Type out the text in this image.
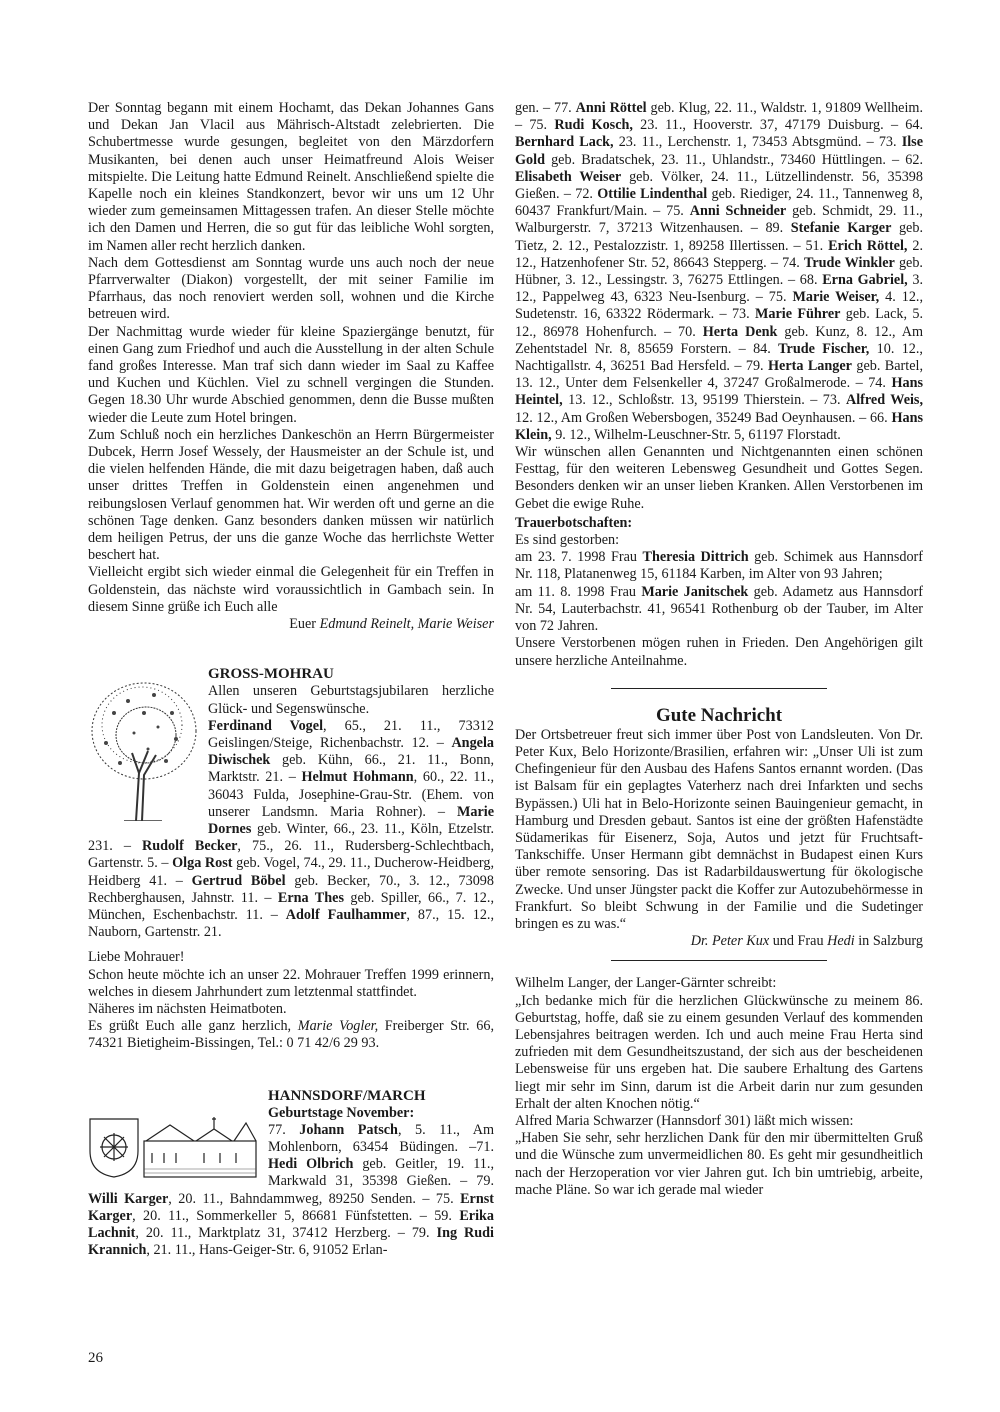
Der Sonntag begann mit einem Hochamt, das Dekan Johannes Gans und Dekan Jan Vlacil aus Mährisch-Altstadt zelebrierten. Die Schubertmesse wurde gesungen, begleitet von den Märzdorfern Musikanten, bei denen auch unser Heimatfreund Alois Weiser mitspielte. Die Leitung hatte Edmund Reinelt. Anschließend spielte die Kapelle noch ein kleines Standkonzert, bevor wir uns um 12 Uhr wieder zum gemeinsamen Mittagessen trafen. An dieser Stelle möchte ich den Damen und Herren, die so gut für das leibliche Wohl sorgten, im Namen aller recht herzlich danken.

Nach dem Gottesdienst am Sonntag wurde uns auch noch der neue Pfarrverwalter (Diakon) vorgestellt, der mit seiner Familie im Pfarrhaus, das noch renoviert werden soll, wohnen und die Kirche betreuen wird.

Der Nachmittag wurde wieder für kleine Spaziergänge benutzt, für einen Gang zum Friedhof und auch die Ausstellung in der alten Schule fand großes Interesse. Man traf sich dann wieder im Saal zu Kaffee und Kuchen und Küchlen. Viel zu schnell vergingen die Stunden. Gegen 18.30 Uhr wurde Abschied genommen, denn die Busse mußten wieder die Leute zum Hotel bringen.

Zum Schluß noch ein herzliches Dankeschön an Herrn Bürgermeister Dubcek, Herrn Josef Wessely, der Hausmeister an der Schule ist, und die vielen helfenden Hände, die mit dazu beigetragen haben, daß auch unser drittes Treffen in Goldenstein einen angenehmen und reibungslosen Verlauf genommen hat. Wir werden oft und gerne an die schönen Tage denken. Ganz besonders danken müssen wir natürlich dem heiligen Petrus, der uns die ganze Woche das herrlichste Wetter beschert hat.

Vielleicht ergibt sich wieder einmal die Gelegenheit für ein Treffen in Goldenstein, das nächste wird voraussichtlich in Gambach sein. In diesem Sinne grüße ich Euch alle

Euer Edmund Reinelt, Marie Weiser

GROSS-MOHRAU

Allen unseren Geburtstagsjubilaren herzliche Glück- und Segenswünsche.

Ferdinand Vogel, 65., 21. 11., 73312 Geislingen/Steige, Richenbachstr. 12. – Angela Diwischek geb. Kühn, 66., 21. 11., Bonn, Marktstr. 21. – Helmut Hohmann, 60., 22. 11., 36043 Fulda, Josephine-Grau-Str. (Ehem. von unserer Landsmn. Maria Rohner). – Marie Dornes geb. Winter, 66., 23. 11., Köln, Etzelstr. 231. – Rudolf Becker, 75., 26. 11., Rudersberg-Schlechtbach, Gartenstr. 5. – Olga Rost geb. Vogel, 74., 29. 11., Ducherow-Heidberg, Heidberg 41. – Gertrud Böbel geb. Becker, 70., 3. 12., 73098 Rechberghausen, Jahnstr. 11. – Erna Thes geb. Spiller, 66., 7. 12., München, Eschenbachstr. 11. – Adolf Faulhammer, 87., 15. 12., Nauborn, Gartenstr. 21.

Liebe Mohrauer!

Schon heute möchte ich an unser 22. Mohrauer Treffen 1999 erinnern, welches in diesem Jahrhundert zum letztenmal stattfindet.

Näheres im nächsten Heimatboten.

Es grüßt Euch alle ganz herzlich, Marie Vogler, Freiberger Str. 66, 74321 Bietigheim-Bissingen, Tel.: 0 71 42/6 29 93.

HANNSDORF/MARCH

Geburtstage November:

77. Johann Patsch, 5. 11., Am Mohlenborn, 63454 Büdingen. –71. Hedi Olbrich geb. Geitler, 19. 11., Markwald 31, 35398 Gießen. – 79. Willi Karger, 20. 11., Bahndammweg, 89250 Senden. – 75. Ernst Karger, 20. 11., Sommerkeller 5, 86681 Fünfstetten. – 59. Erika Lachnit, 20. 11., Marktplatz 31, 37412 Herzberg. – 79. Ing Rudi Krannich, 21. 11., Hans-Geiger-Str. 6, 91052 Erlan-

gen. – 77. Anni Röttel geb. Klug, 22. 11., Waldstr. 1, 91809 Wellheim. – 75. Rudi Kosch, 23. 11., Hooverstr. 37, 47179 Duisburg. – 64. Bernhard Lack, 23. 11., Lerchenstr. 1, 73453 Abtsgmünd. – 73. Ilse Gold geb. Bradatschek, 23. 11., Uhlandstr., 73460 Hüttlingen. – 62. Elisabeth Weiser geb. Völker, 24. 11., Lützellindenstr. 56, 35398 Gießen. – 72. Ottilie Lindenthal geb. Riediger, 24. 11., Tannenweg 8, 60437 Frankfurt/Main. – 75. Anni Schneider geb. Schmidt, 29. 11., Walburgerstr. 7, 37213 Witzenhausen. – 89. Stefanie Karger geb. Tietz, 2. 12., Pestalozzistr. 1, 89258 Illertissen. – 51. Erich Röttel, 2. 12., Hatzenhofener Str. 52, 86643 Stepperg. – 74. Trude Winkler geb. Hübner, 3. 12., Lessingstr. 3, 76275 Ettlingen. – 68. Erna Gabriel, 3. 12., Pappelweg 43, 6323 Neu-Isenburg. – 75. Marie Weiser, 4. 12., Sudetenstr. 16, 63322 Rödermark. – 73. Marie Führer geb. Lack, 5. 12., 86978 Hohenfurch. – 70. Herta Denk geb. Kunz, 8. 12., Am Zehentstadel Nr. 8, 85659 Forstern. – 84. Trude Fischer, 10. 12., Nachtigallstr. 4, 36251 Bad Hersfeld. – 79. Herta Langer geb. Bartel, 13. 12., Unter dem Felsenkeller 4, 37247 Großalmerode. – 74. Hans Heintel, 13. 12., Schloßstr. 13, 95199 Thierstein. – 73. Alfred Weis, 12. 12., Am Großen Webersbogen, 35249 Bad Oeynhausen. – 66. Hans Klein, 9. 12., Wilhelm-Leuschner-Str. 5, 61197 Florstadt.

Wir wünschen allen Genannten und Nichtgenannten einen schönen Festtag, für den weiteren Lebensweg Gesundheit und Gottes Segen. Besonders denken wir an unser lieben Kranken. Allen Verstorbenen im Gebet die ewige Ruhe.

Trauerbotschaften:

Es sind gestorben:

am 23. 7. 1998 Frau Theresia Dittrich geb. Schimek aus Hannsdorf Nr. 118, Platanenweg 15, 61184 Karben, im Alter von 93 Jahren;

am 11. 8. 1998 Frau Marie Janitschek geb. Adametz aus Hannsdorf Nr. 54, Lauterbachstr. 41, 96541 Rothenburg ob der Tauber, im Alter von 72 Jahren.

Unsere Verstorbenen mögen ruhen in Frieden. Den Angehörigen gilt unsere herzliche Anteilnahme.

Gute Nachricht

Der Ortsbetreuer freut sich immer über Post von Landsleuten. Von Dr. Peter Kux, Belo Horizonte/Brasilien, erfahren wir: „Unser Uli ist zum Chefingenieur für den Ausbau des Hafens Santos ernannt worden. (Das ist Balsam für ein geplagtes Vaterherz nach drei Infarkten und sechs Bypässen.) Uli hat in Belo-Horizonte seinen Bauingenieur gemacht, in Hamburg und Dresden gebaut. Santos ist eine der größten Hafenstädte Südamerikas für Eisenerz, Soja, Autos und jetzt für Fruchtsaft-Tankschiffe. Unser Hermann gibt demnächst in Budapest einen Kurs über remote sensoring. Das ist Radarbildauswertung für ökologische Zwecke. Und unser Jüngster packt die Koffer zur Autozubehörmesse in Frankfurt. So bleibt Schwung in der Familie und die Sudetinger bringen es zu was.“

Dr. Peter Kux und Frau Hedi in Salzburg

Wilhelm Langer, der Langer-Gärnter schreibt:

„Ich bedanke mich für die herzlichen Glückwünsche zu meinem 86. Geburtstag, hoffe, daß sie zu einem gesunden Verlauf des kommenden Lebensjahres beitragen werden. Ich und auch meine Frau Herta sind zufrieden mit dem Gesundheitszustand, der sich aus der bescheidenen Lebensweise für uns ergeben hat. Die saubere Erhaltung des Gartens liegt mir sehr im Sinn, darum ist die Arbeit darin nur zum gesunden Erhalt der alten Knochen nötig.“

Alfred Maria Schwarzer (Hannsdorf 301) läßt mich wissen:

„Haben Sie sehr, sehr herzlichen Dank für den mir übermittelten Gruß und die Wünsche zum unvermeidlichen 80. Es geht mir gesundheitlich nach der Herzoperation vor vier Jahren gut. Ich bin umtriebig, arbeite, mache Pläne. So war ich gerade mal wieder

26
